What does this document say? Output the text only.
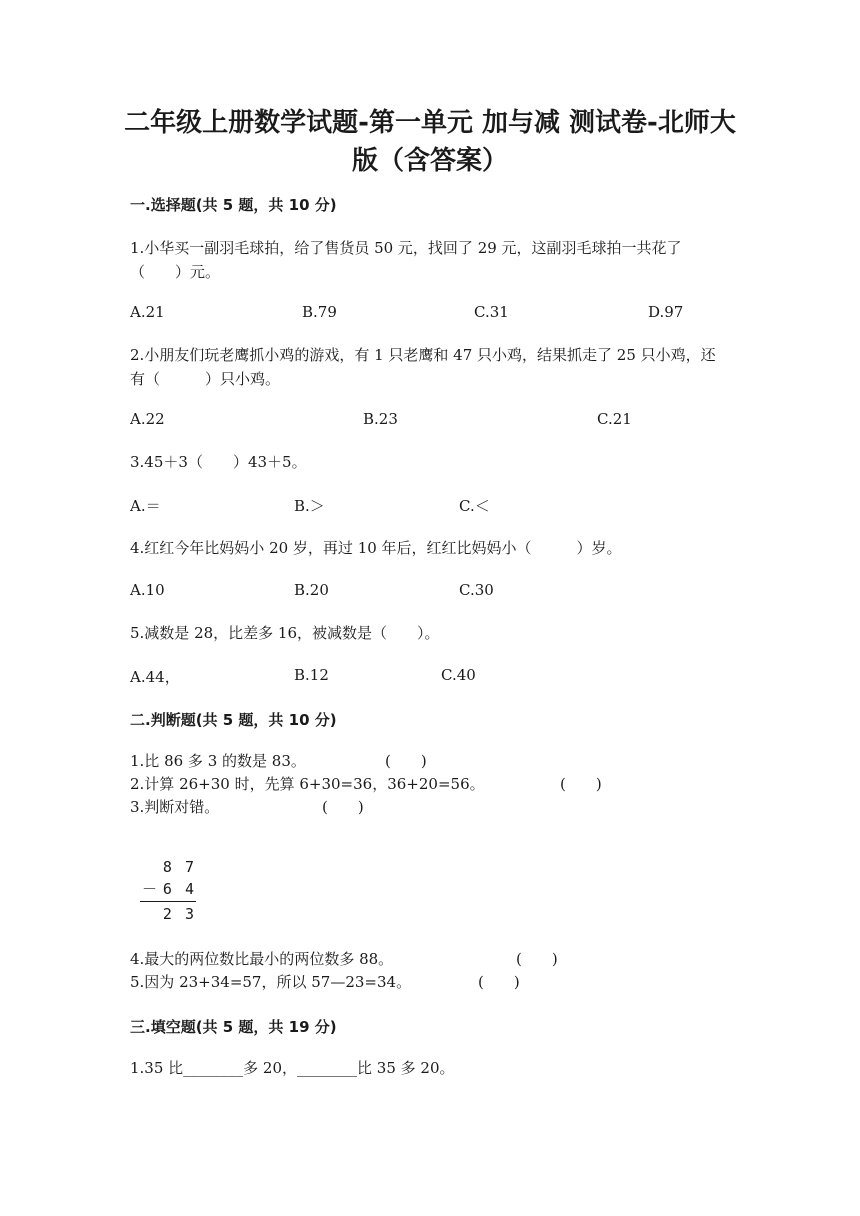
二年级上册数学试题-第一单元 加与减 测试卷-北师大版（含答案）
一.选择题(共 5 题，共 10 分)
1.小华买一副羽毛球拍，给了售货员 50 元，找回了 29 元，这副羽毛球拍一共花了（　　）元。
A.21	B.79	C.31	D.97
2.小朋友们玩老鹰抓小鸡的游戏，有 1 只老鹰和 47 只小鸡，结果抓走了 25 只小鸡，还有（　　　）只小鸡。
A.22	B.23	C.21
3.45＋3（　　）43＋5。
A.＝	B.＞	C.＜
4.红红今年比妈妈小 20 岁，再过 10 年后，红红比妈妈小（　　　）岁。
A.10	B.20	C.30
5.减数是 28，比差多 16，被减数是（　　）。
A.44，	B.12	C.40
二.判断题(共 5 题，共 10 分)
1.比 86 多 3 的数是 83。	(　　)
2.计算 26+30 时，先算 6+30=36，36+20=56。	(　　)
3.判断对错。	(　　)
8 7
－ 6 4
2 3
4.最大的两位数比最小的两位数多 88。	(　　)
5.因为 23+34=57，所以 57—23=34。	(　　)
三.填空题(共 5 题，共 19 分)
1.35 比________多 20，________比 35 多 20。
